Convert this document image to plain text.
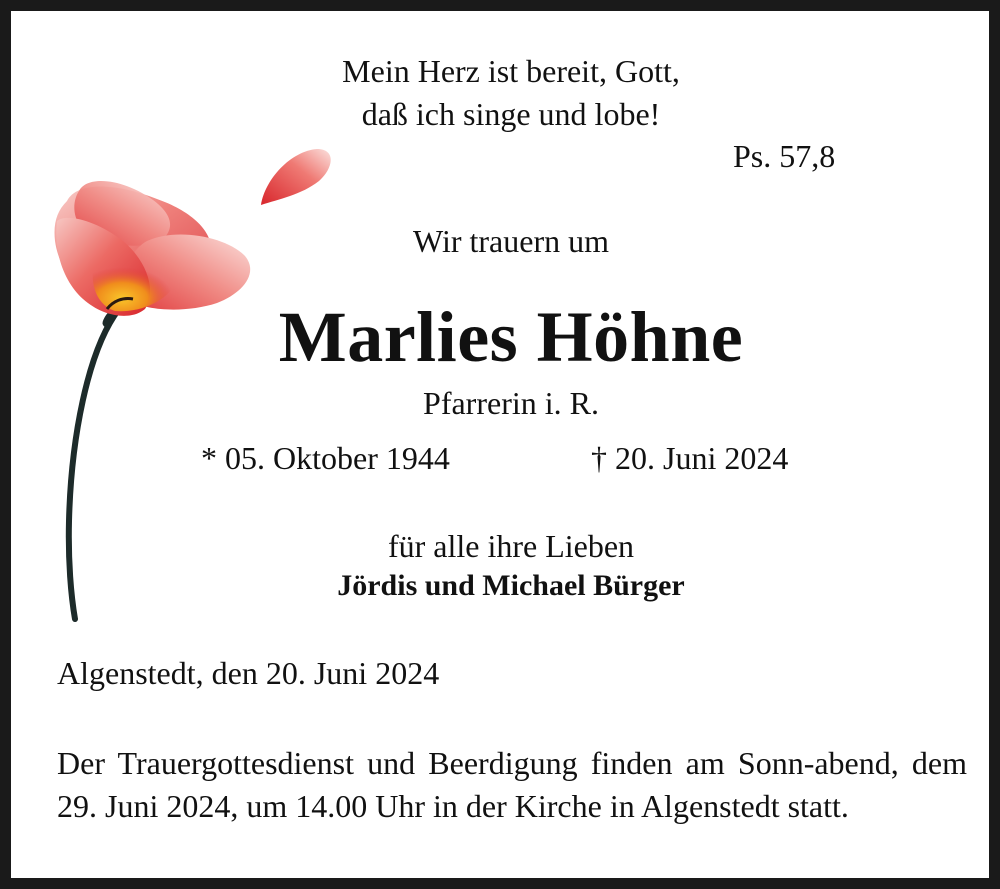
Mein Herz ist bereit, Gott,
daß ich singe und lobe!
Ps. 57,8
Wir trauern um
Marlies Höhne
Pfarrerin i. R.
* 05. Oktober 1944	† 20. Juni 2024
für alle ihre Lieben
Jördis und Michael Bürger
Algenstedt, den 20. Juni 2024
Der Trauergottesdienst und Beerdigung finden am Sonn-abend, dem 29. Juni 2024, um 14.00 Uhr in der Kirche in Algenstedt statt.
